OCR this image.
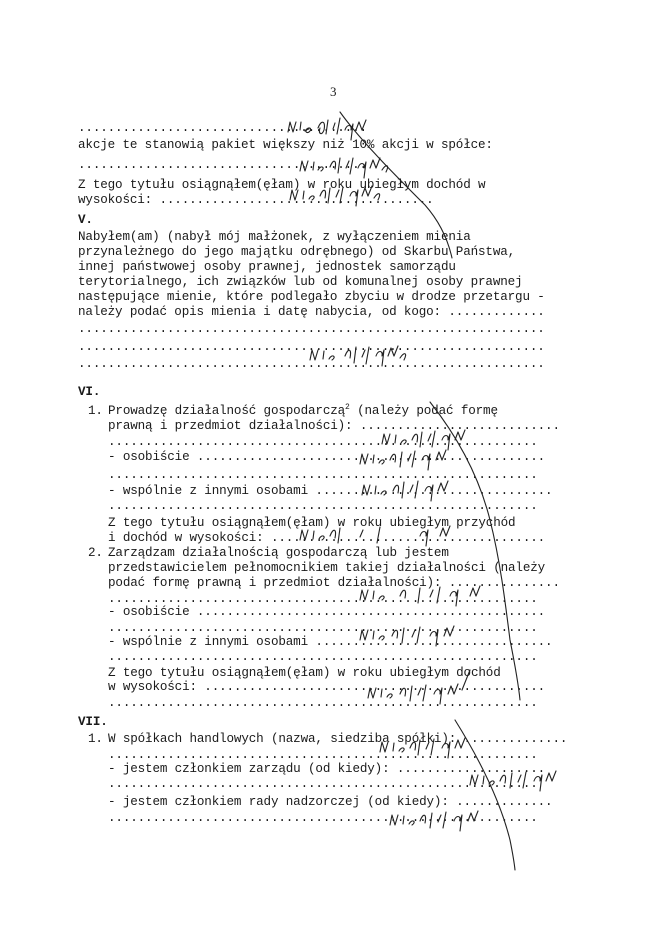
3
.......................................
akcje te stanowią pakiet większy niż 10% akcji w spółce:
.......................................
Z tego tytułu osiągnąłem(ęłam) w roku ubiegłym dochód w
wysokości: .....................................
V.
Nabyłem(am) (nabył mój małżonek, z wyłączeniem mienia
przynależnego do jego majątku odrębnego) od Skarbu Państwa,
innej państwowej osoby prawnej, jednostek samorządu
terytorialnego, ich związków lub od komunalnej osoby prawnej
następujące mienie, które podlegało zbyciu w drodze przetargu -
należy podać opis mienia i datę nabycia, od kogo: .............
...............................................................
...............................................................
...............................................................
VI.
1. Prowadzę działalność gospodarczą$^2$ (należy podać formę
prawną i przedmiot działalności): ...........................
..........................................................
- osobiście ...............................................
..........................................................
- wspólnie z innymi osobami ................................
..........................................................
Z tego tytułu osiągnąłem(ęłam) w roku ubiegłym przychód
i dochód w wysokości: .....................................
2. Zarządzam działalnością gospodarczą lub jestem
przedstawicielem pełnomocnikiem takiej działalności (należy
podać formę prawną i przedmiot działalności): ...............
..........................................................
- osobiście ...............................................
..........................................................
- wspólnie z innymi osobami ................................
..........................................................
Z tego tytułu osiągnąłem(ęłam) w roku ubiegłym dochód
w wysokości: ..............................................
..........................................................
VII.
1. W spółkach handlowych (nazwa, siedziba spółki): ..............
..........................................................
- jestem członkiem zarządu (od kiedy): ....................
..........................................................
- jestem członkiem rady nadzorczej (od kiedy): .............
..........................................................
